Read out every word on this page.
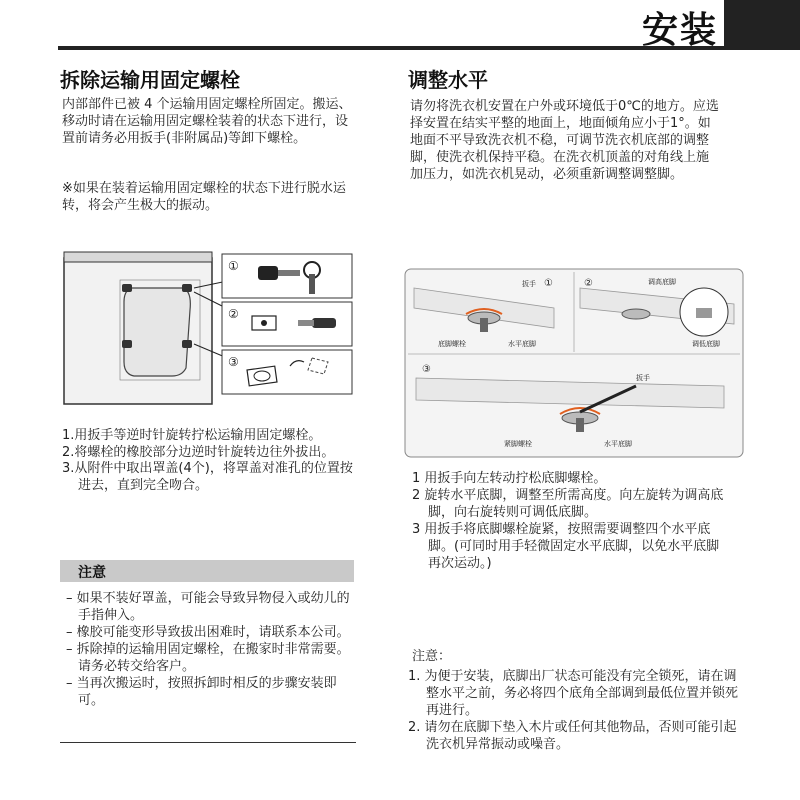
安装
拆除运输用固定螺栓

内部部件已被 4 个运输用固定螺栓所固定。搬运、移动时请在运输用固定螺栓装着的状态下进行，设置前请务必用扳手(非附属品)等卸下螺栓。

※如果在装着运输用固定螺栓的状态下进行脱水运转，将会产生极大的振动。

①
②
③
1.用扳手等逆时针旋转拧松运输用固定螺栓。
2.将螺栓的橡胶部分边逆时针旋转边往外拔出。
3.从附件中取出罩盖(4个)，将罩盖对准孔的位置按进去，直到完全吻合。
注意
– 如果不装好罩盖，可能会导致异物侵入或幼儿的手指伸入。
– 橡胶可能变形导致拔出困难时，请联系本公司。
– 拆除掉的运输用固定螺栓，在搬家时非常需要。请务必转交给客户。
– 当再次搬运时，按照拆卸时相反的步骤安装即可。
调整水平

请勿将洗衣机安置在户外或环境低于0℃的地方。应选择安置在结实平整的地面上，地面倾角应小于1°。如地面不平导致洗衣机不稳，可调节洗衣机底部的调整脚，使洗衣机保持平稳。在洗衣机顶盖的对角线上施加压力，如洗衣机晃动，必须重新调整调整脚。

扳手 ①
底脚螺栓	水平底脚
②	调高底脚
调低底脚
③
扳手
紧脚螺栓	水平底脚
1 用扳手向左转动拧松底脚螺栓。
2 旋转水平底脚，调整至所需高度。向左旋转为调高底脚，向右旋转则可调低底脚。
3 用扳手将底脚螺栓旋紧，按照需要调整四个水平底脚。(可同时用手轻微固定水平底脚，以免水平底脚再次运动。)
注意：
1. 为便于安装，底脚出厂状态可能没有完全锁死，请在调整水平之前，务必将四个底角全部调到最低位置并锁死再进行。
2. 请勿在底脚下垫入木片或任何其他物品，否则可能引起洗衣机异常振动或噪音。
